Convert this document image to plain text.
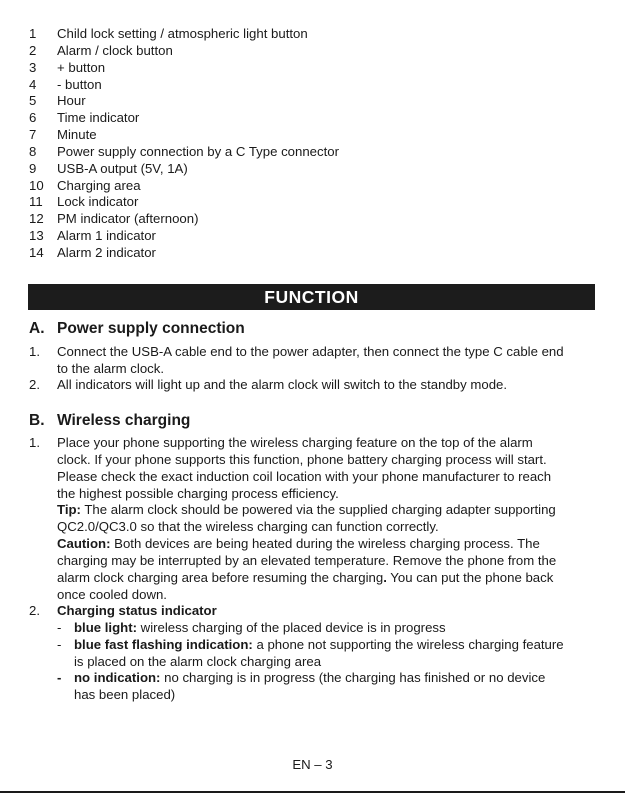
1	Child lock setting / atmospheric light button
2	Alarm / clock button
3	+ button
4	- button
5	Hour
6	Time indicator
7	Minute
8	Power supply connection by a C Type connector
9	USB-A output (5V, 1A)
10	Charging area
11	Lock indicator
12	PM indicator (afternoon)
13	Alarm 1 indicator
14	Alarm 2 indicator
FUNCTION
A. Power supply connection
1.	Connect the USB-A cable end to the power adapter, then connect the type C cable end
to the alarm clock.
2.	All indicators will light up and the alarm clock will switch to the standby mode.
B. Wireless charging
1.	Place your phone supporting the wireless charging feature on the top of the alarm
clock. If your phone supports this function, phone battery charging process will start.
Please check the exact induction coil location with your phone manufacturer to reach
the highest possible charging process efficiency.
Tip: The alarm clock should be powered via the supplied charging adapter supporting
QC2.0/QC3.0 so that the wireless charging can function correctly.
Caution: Both devices are being heated during the wireless charging process. The
charging may be interrupted by an elevated temperature. Remove the phone from the
alarm clock charging area before resuming the charging. You can put the phone back
once cooled down.
2.	Charging status indicator
- blue light: wireless charging of the placed device is in progress
- blue fast flashing indication: a phone not supporting the wireless charging feature
is placed on the alarm clock charging area
- no indication: no charging is in progress (the charging has finished or no device
has been placed)
EN – 3
